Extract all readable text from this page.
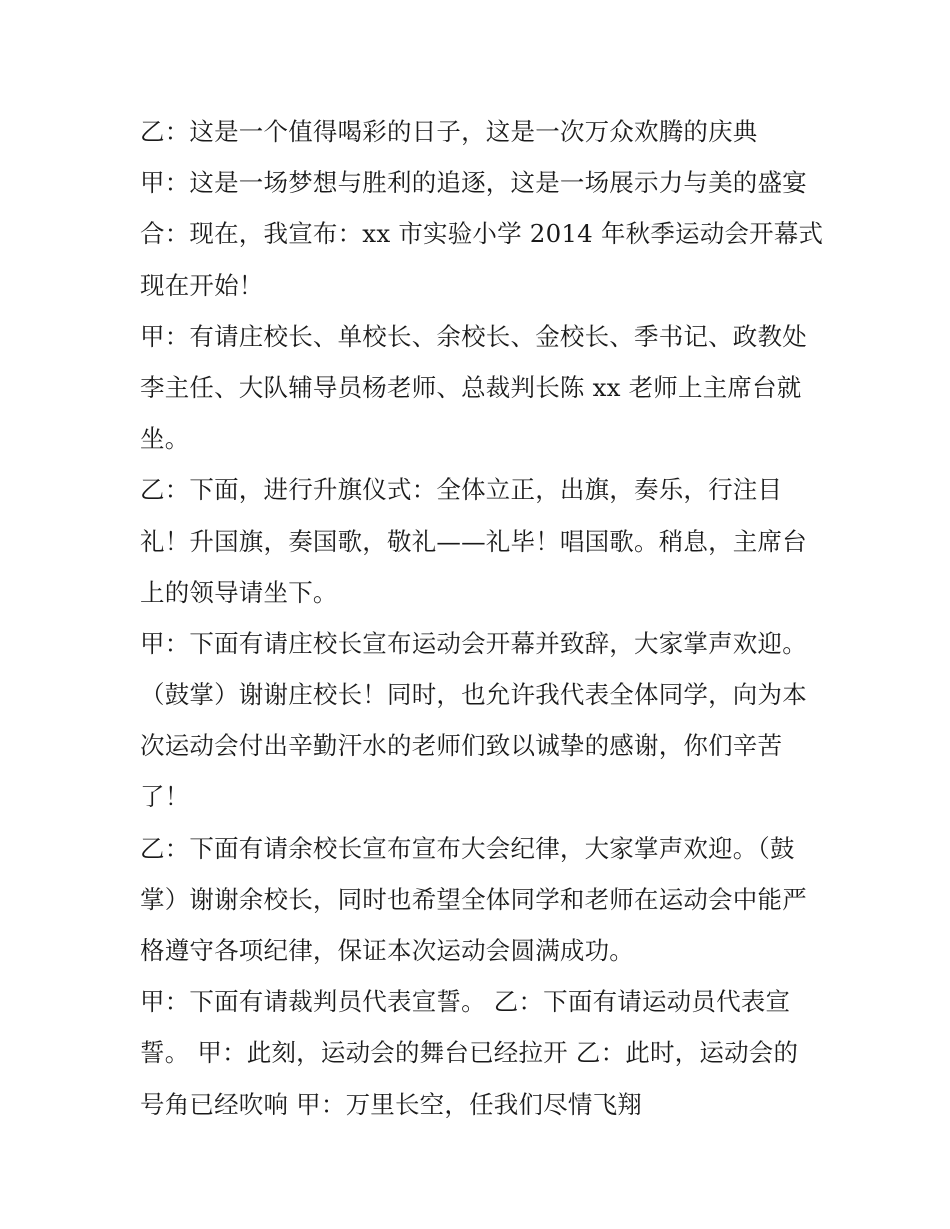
乙：这是一个值得喝彩的日子，这是一次万众欢腾的庆典
甲：这是一场梦想与胜利的追逐，这是一场展示力与美的盛宴
合：现在，我宣布：xx 市实验小学 2014 年秋季运动会开幕式
现在开始！
甲：有请庄校长、单校长、余校长、金校长、季书记、政教处
李主任、大队辅导员杨老师、总裁判长陈 xx 老师上主席台就
坐。
乙：下面，进行升旗仪式：全体立正，出旗，奏乐，行注目
礼！升国旗，奏国歌，敬礼——礼毕！唱国歌。稍息，主席台
上的领导请坐下。
甲：下面有请庄校长宣布运动会开幕并致辞，大家掌声欢迎。
（鼓掌）谢谢庄校长！同时，也允许我代表全体同学，向为本
次运动会付出辛勤汗水的老师们致以诚挚的感谢，你们辛苦
了！
乙：下面有请余校长宣布宣布大会纪律，大家掌声欢迎。（鼓
掌）谢谢余校长，同时也希望全体同学和老师在运动会中能严
格遵守各项纪律，保证本次运动会圆满成功。
甲：下面有请裁判员代表宣誓。 乙：下面有请运动员代表宣
誓。 甲：此刻，运动会的舞台已经拉开 乙：此时，运动会的
号角已经吹响 甲：万里长空，任我们尽情飞翔
